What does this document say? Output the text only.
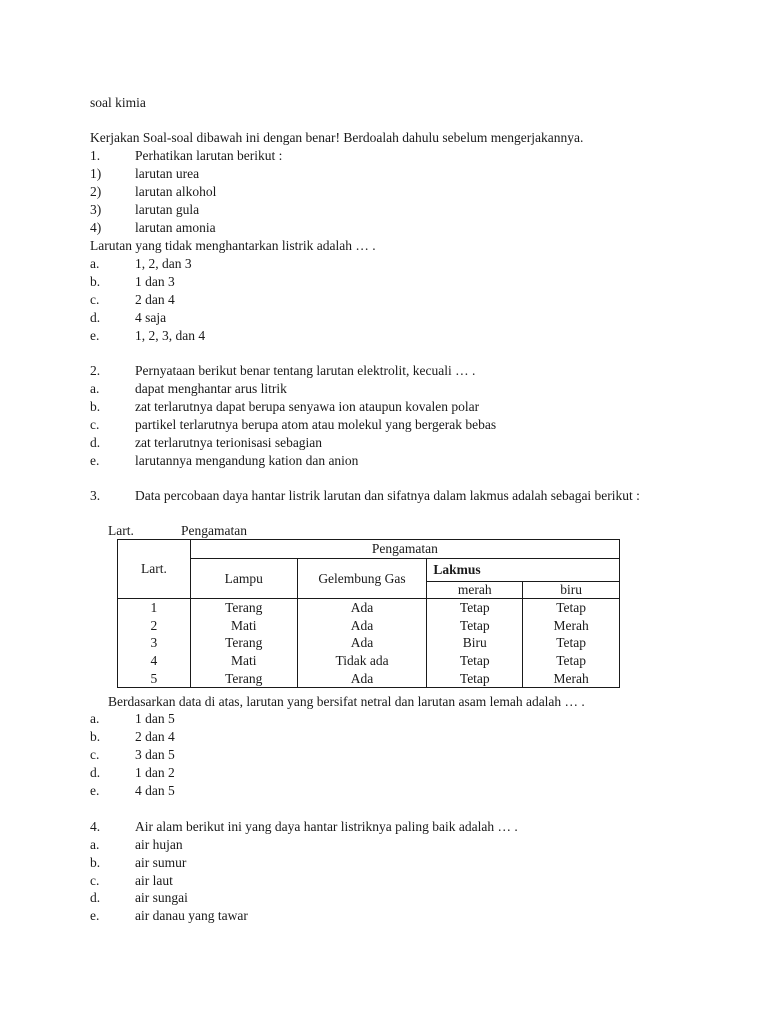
soal kimia
Kerjakan Soal-soal dibawah ini dengan benar! Berdoalah dahulu sebelum mengerjakannya.
1.	Perhatikan larutan berikut :
1)	larutan urea
2)	larutan alkohol
3)	larutan gula
4)	larutan amonia
Larutan yang tidak menghantarkan listrik adalah … .
a.	1, 2, dan 3
b.	1 dan 3
c.	2 dan 4
d.	4 saja
e.	1, 2, 3, dan 4
2.	Pernyataan berikut benar tentang larutan elektrolit, kecuali … .
a.	dapat menghantar arus litrik
b.	zat terlarutnya dapat berupa senyawa ion ataupun kovalen polar
c.	partikel terlarutnya berupa atom atau molekul yang bergerak bebas
d.	zat terlarutnya terionisasi sebagian
e.	larutannya mengandung kation dan anion
3.	Data percobaan daya hantar listrik larutan dan sifatnya dalam lakmus adalah sebagai berikut :
Lart.	Pengamatan
Lart.	Pengamatan			
	Lampu	Gelembung Gas	Lakmus	
			merah	biru
1	Terang	Ada	Tetap	Tetap
2	Mati	Ada	Tetap	Merah
3	Terang	Ada	Biru	Tetap
4	Mati	Tidak ada	Tetap	Tetap
5	Terang	Ada	Tetap	Merah
Berdasarkan data di atas, larutan yang bersifat netral dan larutan asam lemah adalah … .
a.	1 dan 5
b.	2 dan 4
c.	3 dan 5
d.	1 dan 2
e.	4 dan 5
4.	Air alam berikut ini yang daya hantar listriknya paling baik adalah … .
a.	air hujan
b.	air sumur
c.	air laut
d.	air sungai
e.	air danau yang tawar
